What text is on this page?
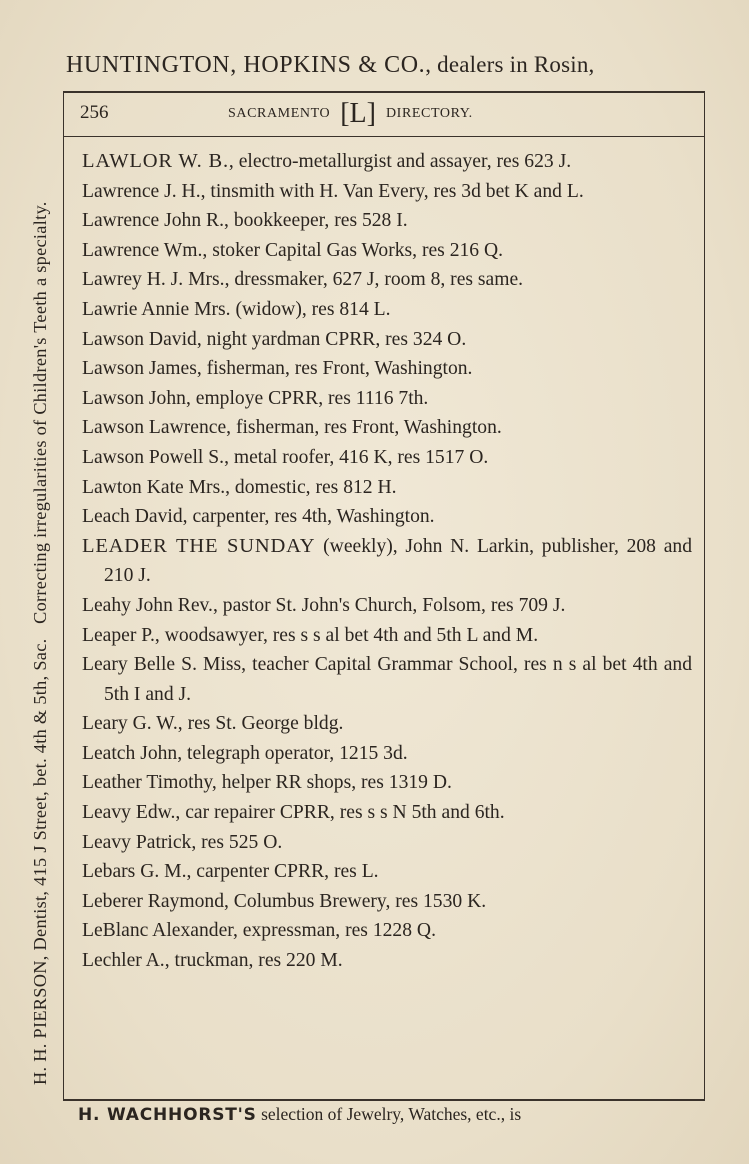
HUNTINGTON, HOPKINS & CO., dealers in Rosin,
H. H. PIERSON, Dentist, 415 J Street, bet. 4th & 5th, Sac.   Correcting irregularities of Children's Teeth a specialty.
256	SACRAMENTO [L] DIRECTORY.
LAWLOR W. B., electro-metallurgist and assayer, res 623 J.
Lawrence J. H., tinsmith with H. Van Every, res 3d bet K and L.
Lawrence John R., bookkeeper, res 528 I.
Lawrence Wm., stoker Capital Gas Works, res 216 Q.
Lawrey H. J. Mrs., dressmaker, 627 J, room 8, res same.
Lawrie Annie Mrs. (widow), res 814 L.
Lawson David, night yardman CPRR, res 324 O.
Lawson James, fisherman, res Front, Washington.
Lawson John, employe CPRR, res 1116 7th.
Lawson Lawrence, fisherman, res Front, Washington.
Lawson Powell S., metal roofer, 416 K, res 1517 O.
Lawton Kate Mrs., domestic, res 812 H.
Leach David, carpenter, res 4th, Washington.
LEADER THE SUNDAY (weekly), John N. Larkin, publisher, 208 and 210 J.
Leahy John Rev., pastor St. John's Church, Folsom, res 709 J.
Leaper P., woodsawyer, res s s al bet 4th and 5th L and M.
Leary Belle S. Miss, teacher Capital Grammar School, res n s al bet 4th and 5th I and J.
Leary G. W., res St. George bldg.
Leatch John, telegraph operator, 1215 3d.
Leather Timothy, helper RR shops, res 1319 D.
Leavy Edw., car repairer CPRR, res s s N 5th and 6th.
Leavy Patrick, res 525 O.
Lebars G. M., carpenter CPRR, res L.
Leberer Raymond, Columbus Brewery, res 1530 K.
LeBlanc Alexander, expressman, res 1228 Q.
Lechler A., truckman, res 220 M.
H. WACHHORST'S selection of Jewelry, Watches, etc., is
